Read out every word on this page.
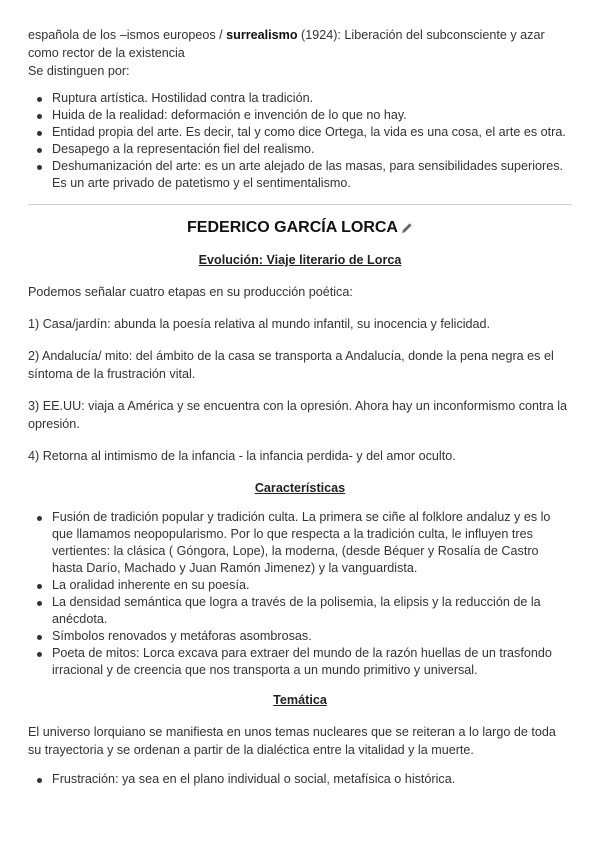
española de los –ismos europeos / surrealismo (1924): Liberación del subconsciente y azar como rector de la existencia

Se distinguen por:

Ruptura artística. Hostilidad contra la tradición.
Huida de la realidad: deformación e invención de lo que no hay.
Entidad propia del arte. Es decir, tal y como dice Ortega, la vida es una cosa, el arte es otra.
Desapego a la representación fiel del realismo.
Deshumanización del arte: es un arte alejado de las masas, para sensibilidades superiores. Es un arte privado de patetismo y el sentimentalismo.
FEDERICO GARCÍA LORCA
Evolución: Viaje literario de Lorca

Podemos señalar cuatro etapas en su producción poética:

1) Casa/jardín: abunda la poesía relativa al mundo infantil, su inocencia y felicidad.

2) Andalucía/ mito: del ámbito de la casa se transporta a Andalucía, donde la pena negra es el síntoma de la frustración vital.

3) EE.UU: viaja a América y se encuentra con la opresión. Ahora hay un inconformismo contra la opresión.

4) Retorna al intimismo de la infancia - la infancia perdida- y del amor oculto.

Características
Fusión de tradición popular y tradición culta. La primera se ciñe al folklore andaluz y es lo que llamamos neopopularismo. Por lo que respecta a la tradición culta, le influyen tres vertientes: la clásica ( Góngora, Lope), la moderna, (desde Béquer y Rosalía de Castro hasta Darío, Machado y Juan Ramón Jimenez) y la vanguardista.
La oralidad inherente en su poesía.
La densidad semántica que logra a través de la polisemia, la elipsis y la reducción de la anécdota.
Símbolos renovados y metáforas asombrosas.
Poeta de mitos: Lorca excava para extraer del mundo de la razón huellas de un trasfondo irracional y de creencia que nos transporta a un mundo primitivo y universal.
Temática

El universo lorquiano se manifiesta en unos temas nucleares que se reiteran a lo largo de toda su trayectoria y se ordenan a partir de la dialéctica entre la vitalidad y la muerte.

Frustración: ya sea en el plano individual o social, metafísica o histórica.
